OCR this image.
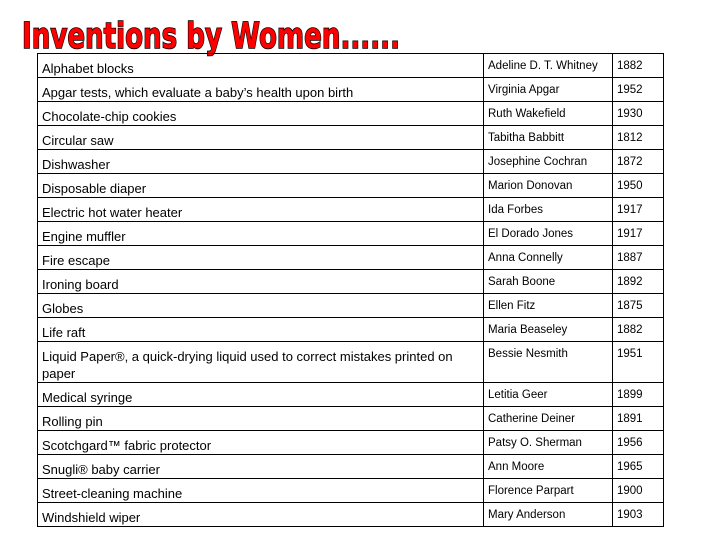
Inventions by Women......
Alphabet blocks	Adeline D. T. Whitney	1882
Apgar tests, which evaluate a baby’s health upon birth	Virginia Apgar	1952
Chocolate-chip cookies	Ruth Wakefield	1930
Circular saw	Tabitha Babbitt	1812
Dishwasher	Josephine Cochran	1872
Disposable diaper	Marion Donovan	1950
Electric hot water heater	Ida Forbes	1917
Engine muffler	El Dorado Jones	1917
Fire escape	Anna Connelly	1887
Ironing board	Sarah Boone	1892
Globes	Ellen Fitz	1875
Life raft	Maria Beaseley	1882
Liquid Paper®, a quick-drying liquid used to correct mistakes printed on paper	Bessie Nesmith	1951
Medical syringe	Letitia Geer	1899
Rolling pin	Catherine Deiner	1891
Scotchgard™ fabric protector	Patsy O. Sherman	1956
Snugli® baby carrier	Ann Moore	1965
Street-cleaning machine	Florence Parpart	1900
Windshield wiper	Mary Anderson	1903
